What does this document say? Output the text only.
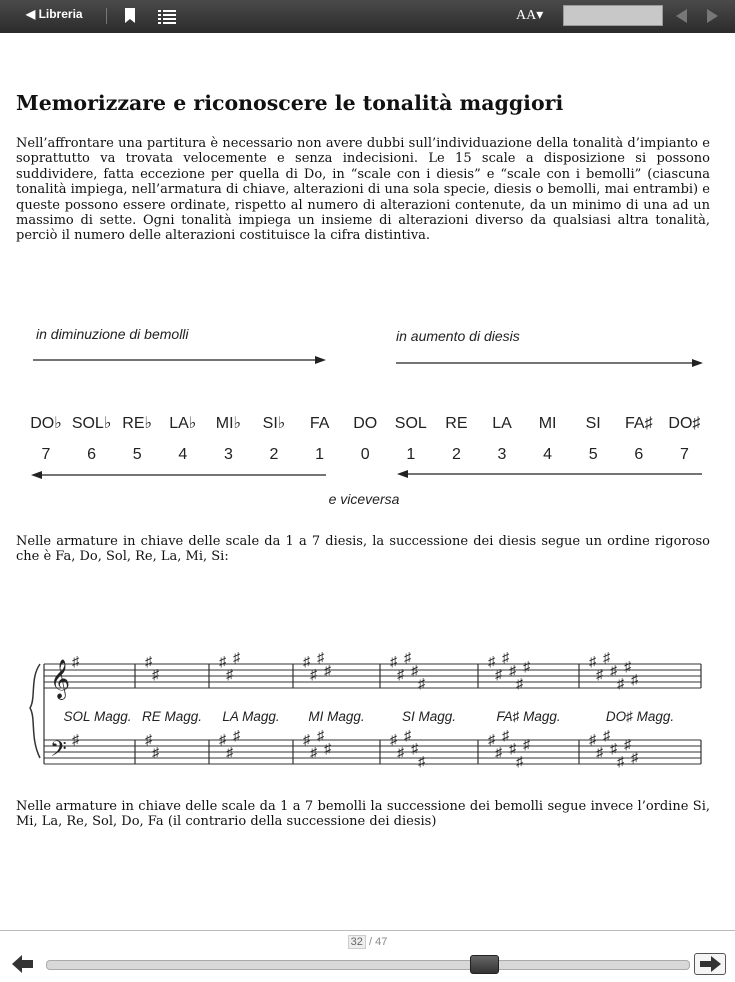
◀ Libreria	AA▾
Memorizzare e riconoscere le tonalità maggiori

Nell’affrontare una partitura è necessario non avere dubbi sull’individuazione della tonalità d’impianto e soprattutto va trovata velocemente e senza indecisioni. Le 15 scale a disposizione si possono suddividere, fatta eccezione per quella di Do, in “scale con i diesis” e “scale con i bemolli” (ciascuna tonalità impiega, nell’armatura di chiave, alterazioni di una sola specie, diesis o bemolli, mai entrambi) e queste possono essere ordinate, rispetto al numero di alterazioni contenute, da un minimo di una ad un massimo di sette. Ogni tonalità impiega un insieme di alterazioni diverso da qualsiasi altra tonalità, perciò il numero delle alterazioni costituisce la cifra distintiva.

in diminuzione di bemolli	in aumento di diesis
DO♭ SOL♭ RE♭ LA♭ MI♭ SI♭ FA DO SOL RE LA MI SI FA♯ DO♯
7 6 5 4 3 2 1 0 1 2 3 4 5 6 7
e viceversa

Nelle armature in chiave delle scale da 1 a 7 diesis, la successione dei diesis segue un ordine rigoroso che è Fa, Do, Sol, Re, La, Mi, Si:

𝄞
𝄢
♯
♯
♯
♯
♯
♯
♯
♯
♯
♯
♯
♯
♯
♯
♯
♯
♯
♯
♯
♯
♯
♯
♯
♯
♯
♯
♯
♯
♯
♯
♯
♯
♯
♯
♯
♯
♯
♯
♯
♯
♯
♯
♯
♯
♯
♯
♯
♯
♯
♯
♯
♯
♯
♯
♯
♯
SOL Magg. RE Magg. LA Magg. MI Magg.	SI Magg.	FA♯ Magg.	DO♯ Magg.

Nelle armature in chiave delle scale da 1 a 7 bemolli la successione dei bemolli segue invece l’ordine Si, Mi, La, Re, Sol, Do, Fa (il contrario della successione dei diesis)

32 / 47
